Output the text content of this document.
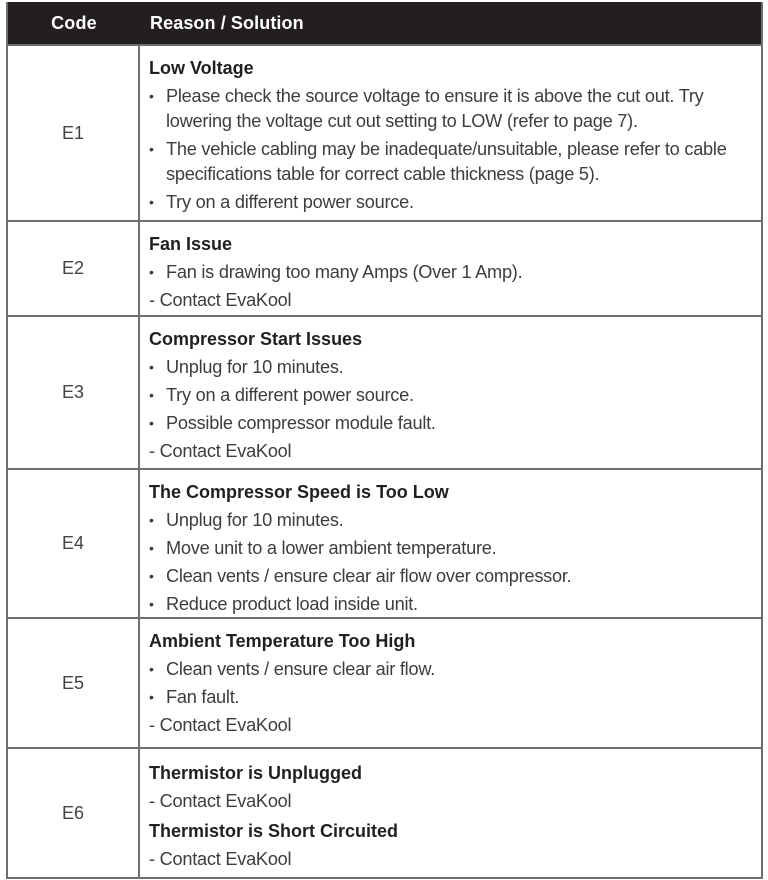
Code	Reason / Solution
E1
Low Voltage
• Please check the source voltage to ensure it is above the cut out. Try lowering the voltage cut out setting to LOW (refer to page 7).
• The vehicle cabling may be inadequate/unsuitable, please refer to cable specifications table for correct cable thickness (page 5).
• Try on a different power source.
E2
Fan Issue
• Fan is drawing too many Amps (Over 1 Amp).
- Contact EvaKool
E3
Compressor Start Issues
• Unplug for 10 minutes.
• Try on a different power source.
• Possible compressor module fault.
- Contact EvaKool
E4
The Compressor Speed is Too Low
• Unplug for 10 minutes.
• Move unit to a lower ambient temperature.
• Clean vents / ensure clear air flow over compressor.
• Reduce product load inside unit.
E5
Ambient Temperature Too High
• Clean vents / ensure clear air flow.
• Fan fault.
- Contact EvaKool
E6
Thermistor is Unplugged
- Contact EvaKool
Thermistor is Short Circuited
- Contact EvaKool
